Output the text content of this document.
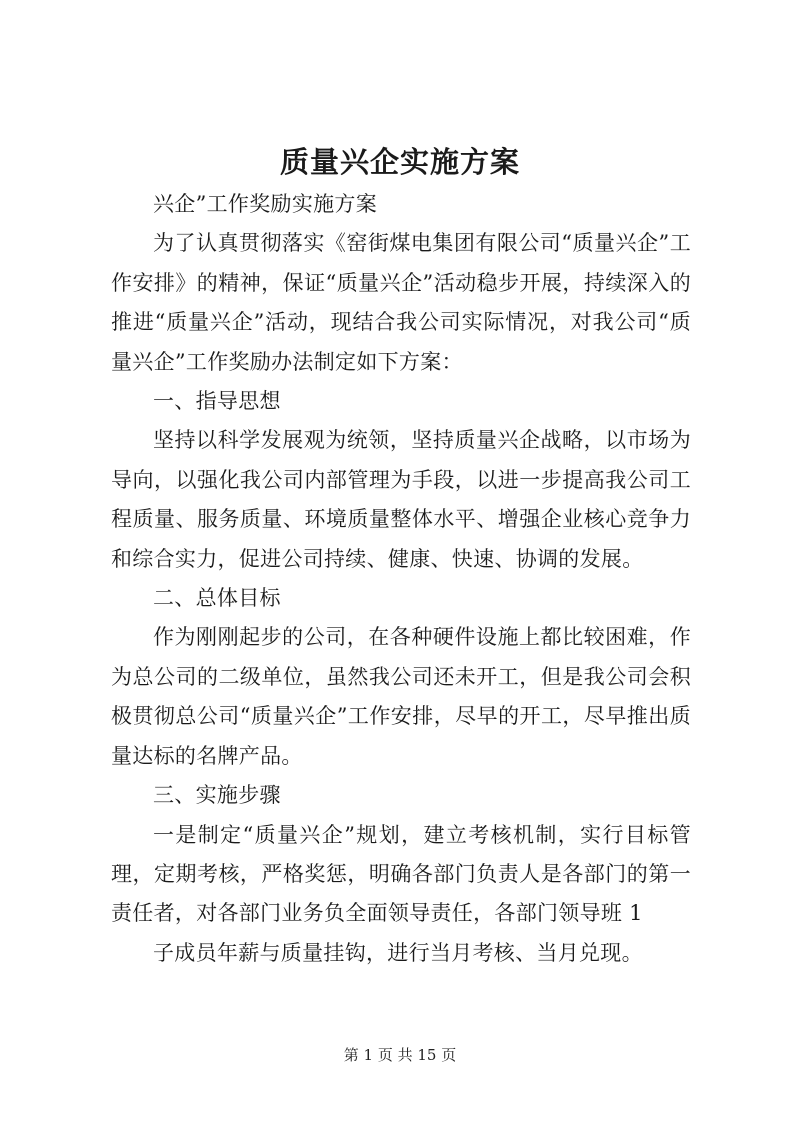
质量兴企实施方案

兴企”工作奖励实施方案

为了认真贯彻落实《窑街煤电集团有限公司“质量兴企”工作安排》的精神，保证“质量兴企”活动稳步开展，持续深入的推进“质量兴企”活动，现结合我公司实际情况，对我公司“质量兴企”工作奖励办法制定如下方案：

一、指导思想

坚持以科学发展观为统领，坚持质量兴企战略，以市场为导向，以强化我公司内部管理为手段，以进一步提高我公司工程质量、服务质量、环境质量整体水平、增强企业核心竞争力和综合实力，促进公司持续、健康、快速、协调的发展。

二、总体目标

作为刚刚起步的公司，在各种硬件设施上都比较困难，作为总公司的二级单位，虽然我公司还未开工，但是我公司会积极贯彻总公司“质量兴企”工作安排，尽早的开工，尽早推出质量达标的名牌产品。

三、实施步骤

一是制定“质量兴企”规划，建立考核机制，实行目标管理，定期考核，严格奖惩，明确各部门负责人是各部门的第一责任者，对各部门业务负全面领导责任，各部门领导班 1

子成员年薪与质量挂钩，进行当月考核、当月兑现。

第 1 页 共 15 页
